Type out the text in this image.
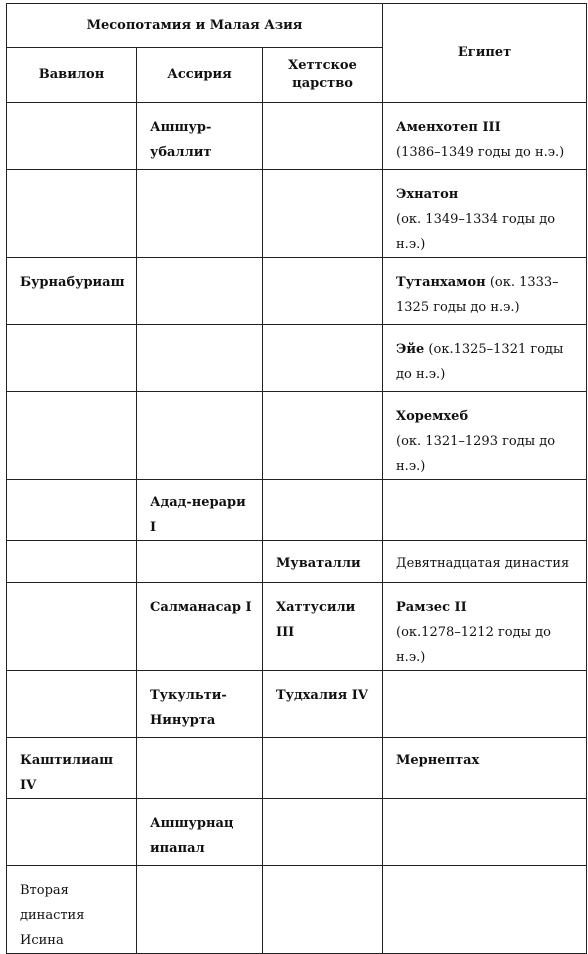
Месопотамия и Малая Азия			Египет
Вавилон	Ассирия	Хеттское царство	

	Ашшур-убаллит		Аменхотеп III
(1386–1349 годы до н.э.)

			Эхнатон
(ок. 1349–1334 годы до н.э.)

Бурнабуриаш			Тутанхамон (ок. 1333–1325 годы до н.э.)

			Эйе (ок.1325–1321 годы до н.э.)

			Хоремхеб
(ок. 1321–1293 годы до н.э.)

	Адад-нерари I		

		Муваталли	Девятнадцатая династия

	Салманасар I	Хаттусили III	Рамзес II
(ок.1278–1212 годы до н.э.)

	Тукульти-Нинурта	Тудхалия IV	

Каштилиаш IV			Мернептах

	Ашшурнаципапал		

Вторая династия Исина			
